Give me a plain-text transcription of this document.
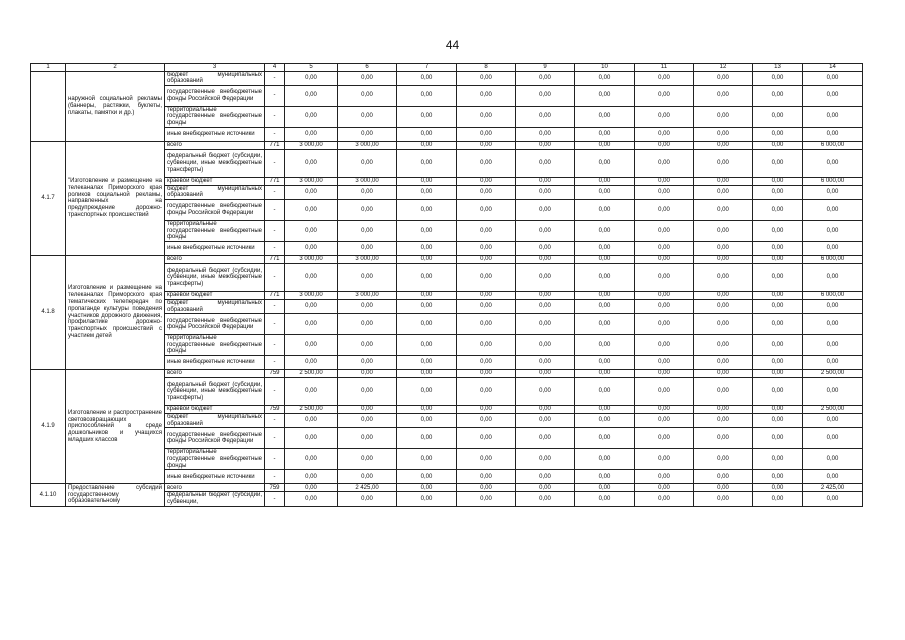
44
1	2	3	4	5	6	7	8	9	10	11	12	13	14
	наружной социальной рекламы (баннеры, растяжки, буклеты, плакаты, памятки и др.)	бюджет муниципальных образований	-	0,00	0,00	0,00	0,00	0,00	0,00	0,00	0,00	0,00	0,00
		государственные внебюджетные фонды Российской Федерации	-	0,00	0,00	0,00	0,00	0,00	0,00	0,00	0,00	0,00	0,00
		территориальные государственные внебюджетные фонды	-	0,00	0,00	0,00	0,00	0,00	0,00	0,00	0,00	0,00	0,00
		иные внебюджетные источники	-	0,00	0,00	0,00	0,00	0,00	0,00	0,00	0,00	0,00	0,00
4.1.7	"Изготовление и размещение на телеканалах Приморского края роликов социальной рекламы, направленных на предупреждение дорожно-транспортных происшествий	всего	771	3 000,00	3 000,00	0,00	0,00	0,00	0,00	0,00	0,00	0,00	6 000,00
		федеральный бюджет (субсидии, субвенции, иные межбюджетные трансферты)	-	0,00	0,00	0,00	0,00	0,00	0,00	0,00	0,00	0,00	0,00
		краевой бюджет	771	3 000,00	3 000,00	0,00	0,00	0,00	0,00	0,00	0,00	0,00	6 000,00
		бюджет муниципальных образований	-	0,00	0,00	0,00	0,00	0,00	0,00	0,00	0,00	0,00	0,00
		государственные внебюджетные фонды Российской Федерации	-	0,00	0,00	0,00	0,00	0,00	0,00	0,00	0,00	0,00	0,00
		территориальные государственные внебюджетные фонды	-	0,00	0,00	0,00	0,00	0,00	0,00	0,00	0,00	0,00	0,00
		иные внебюджетные источники	-	0,00	0,00	0,00	0,00	0,00	0,00	0,00	0,00	0,00	0,00
4.1.8	Изготовление и размещение на телеканалах Приморского края тематических телепередач по пропаганде культуры поведения участников дорожного движения, профилактике дорожно-транспортных происшествий с участием детей	всего	771	3 000,00	3 000,00	0,00	0,00	0,00	0,00	0,00	0,00	0,00	6 000,00
		федеральный бюджет (субсидии, субвенции, иные межбюджетные трансферты)	-	0,00	0,00	0,00	0,00	0,00	0,00	0,00	0,00	0,00	0,00
		краевой бюджет	771	3 000,00	3 000,00	0,00	0,00	0,00	0,00	0,00	0,00	0,00	6 000,00
		бюджет муниципальных образований	-	0,00	0,00	0,00	0,00	0,00	0,00	0,00	0,00	0,00	0,00
		государственные внебюджетные фонды Российской Федерации	-	0,00	0,00	0,00	0,00	0,00	0,00	0,00	0,00	0,00	0,00
		территориальные государственные внебюджетные фонды	-	0,00	0,00	0,00	0,00	0,00	0,00	0,00	0,00	0,00	0,00
		иные внебюджетные источники	-	0,00	0,00	0,00	0,00	0,00	0,00	0,00	0,00	0,00	0,00
4.1.9	Изготовление и распространение световозвращающих приспособлений в среде дошкольников и учащихся младших классов	всего	759	2 500,00	0,00	0,00	0,00	0,00	0,00	0,00	0,00	0,00	2 500,00
		федеральный бюджет (субсидии, субвенции, иные межбюджетные трансферты)	-	0,00	0,00	0,00	0,00	0,00	0,00	0,00	0,00	0,00	0,00
		краевой бюджет	759	2 500,00	0,00	0,00	0,00	0,00	0,00	0,00	0,00	0,00	2 500,00
		бюджет муниципальных образований	-	0,00	0,00	0,00	0,00	0,00	0,00	0,00	0,00	0,00	0,00
		государственные внебюджетные фонды Российской Федерации	-	0,00	0,00	0,00	0,00	0,00	0,00	0,00	0,00	0,00	0,00
		территориальные государственные внебюджетные фонды	-	0,00	0,00	0,00	0,00	0,00	0,00	0,00	0,00	0,00	0,00
		иные внебюджетные источники	-	0,00	0,00	0,00	0,00	0,00	0,00	0,00	0,00	0,00	0,00
4.1.10	Предоставление субсидий государственному образовательному	всего	759	0,00	2 425,00	0,00	0,00	0,00	0,00	0,00	0,00	0,00	2 425,00
		федеральный бюджет (субсидии, субвенции,	-	0,00	0,00	0,00	0,00	0,00	0,00	0,00	0,00	0,00	0,00
